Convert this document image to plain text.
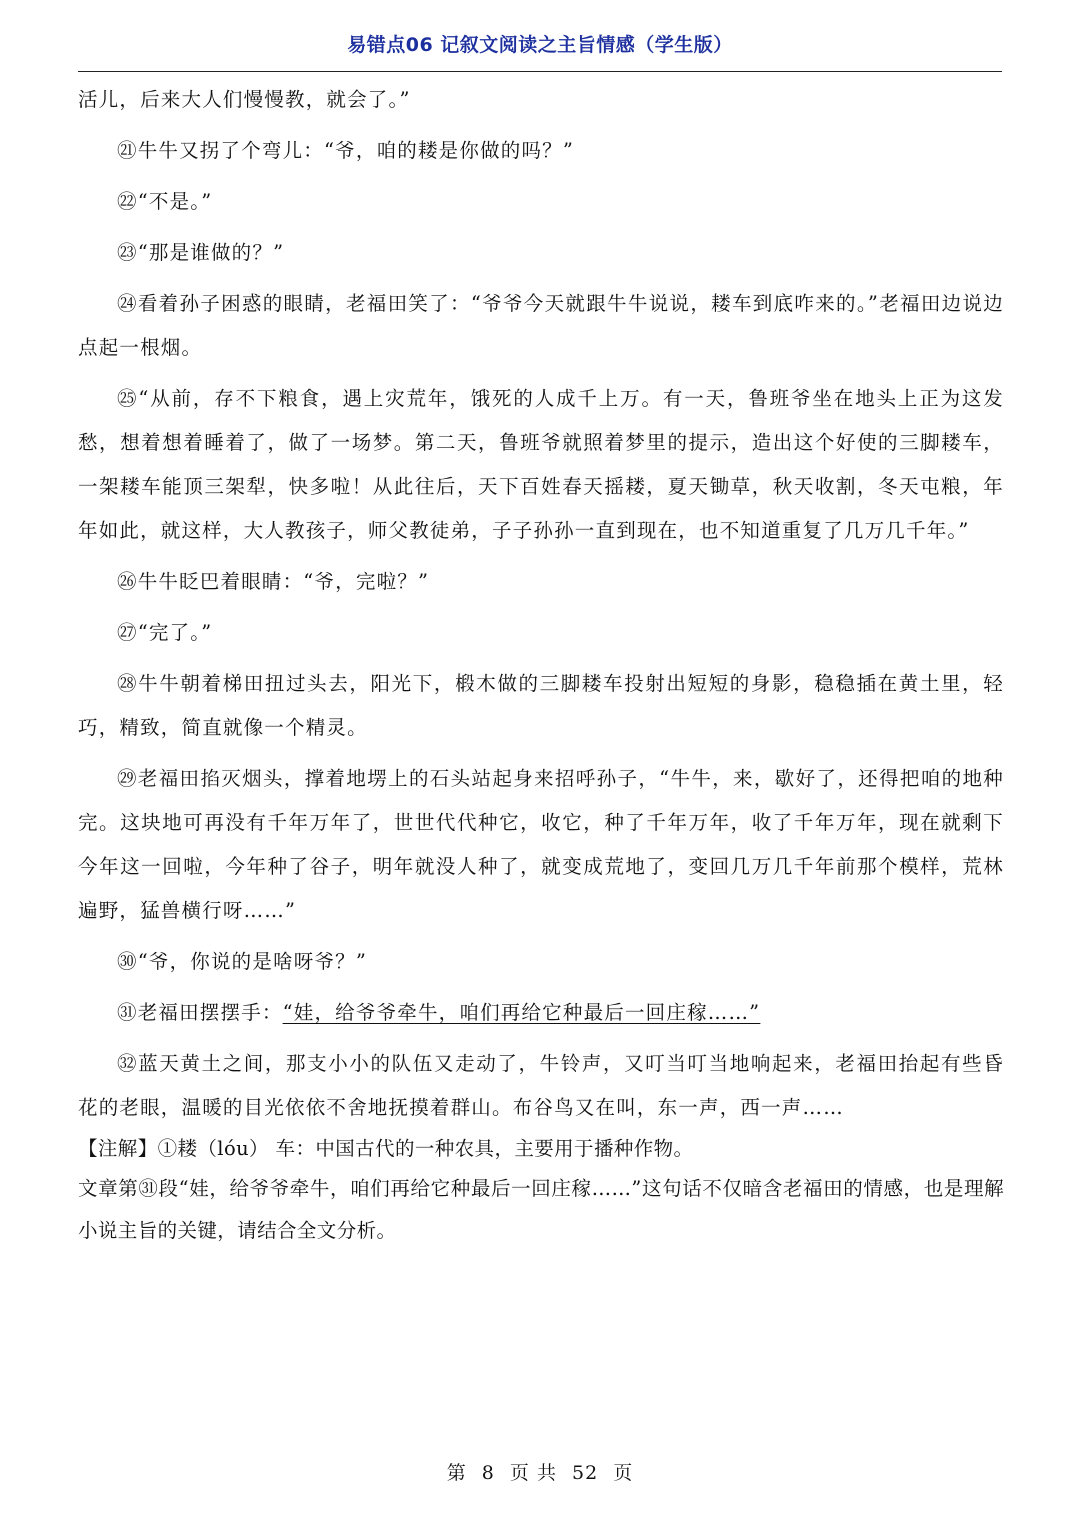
易错点06 记叙文阅读之主旨情感（学生版）

活儿，后来大人们慢慢教，就会了。”

㉑牛牛又拐了个弯儿：“爷，咱的耧是你做的吗？”

㉒“不是。”

㉓“那是谁做的？”

㉔看着孙子困惑的眼睛，老福田笑了：“爷爷今天就跟牛牛说说，耧车到底咋来的。”老福田边说边点起一根烟。

㉕“从前，存不下粮食，遇上灾荒年，饿死的人成千上万。有一天，鲁班爷坐在地头上正为这发愁，想着想着睡着了，做了一场梦。第二天，鲁班爷就照着梦里的提示，造出这个好使的三脚耧车，一架耧车能顶三架犁，快多啦！从此往后，天下百姓春天摇耧，夏天锄草，秋天收割，冬天屯粮，年年如此，就这样，大人教孩子，师父教徒弟，子子孙孙一直到现在，也不知道重复了几万几千年。”

㉖牛牛眨巴着眼睛：“爷，完啦？”

㉗“完了。”

㉘牛牛朝着梯田扭过头去，阳光下，椴木做的三脚耧车投射出短短的身影，稳稳插在黄土里，轻巧，精致，简直就像一个精灵。

㉙老福田掐灭烟头，撑着地塄上的石头站起身来招呼孙子，“牛牛，来，歇好了，还得把咱的地种完。这块地可再没有千年万年了，世世代代种它，收它，种了千年万年，收了千年万年，现在就剩下今年这一回啦，今年种了谷子，明年就没人种了，就变成荒地了，变回几万几千年前那个模样，荒林遍野，猛兽横行呀……”

㉚“爷，你说的是啥呀爷？”

㉛老福田摆摆手：“娃，给爷爷牵牛，咱们再给它种最后一回庄稼……”

㉜蓝天黄土之间，那支小小的队伍又走动了，牛铃声，又叮当叮当地响起来，老福田抬起有些昏花的老眼，温暖的目光依依不舍地抚摸着群山。布谷鸟又在叫，东一声，西一声……

【注解】①耧（lóu） 车：中国古代的一种农具，主要用于播种作物。

文章第㉛段“娃，给爷爷牵牛，咱们再给它种最后一回庄稼……”这句话不仅暗含老福田的情感，也是理解小说主旨的关键，请结合全文分析。

第 8 页 共 52 页
